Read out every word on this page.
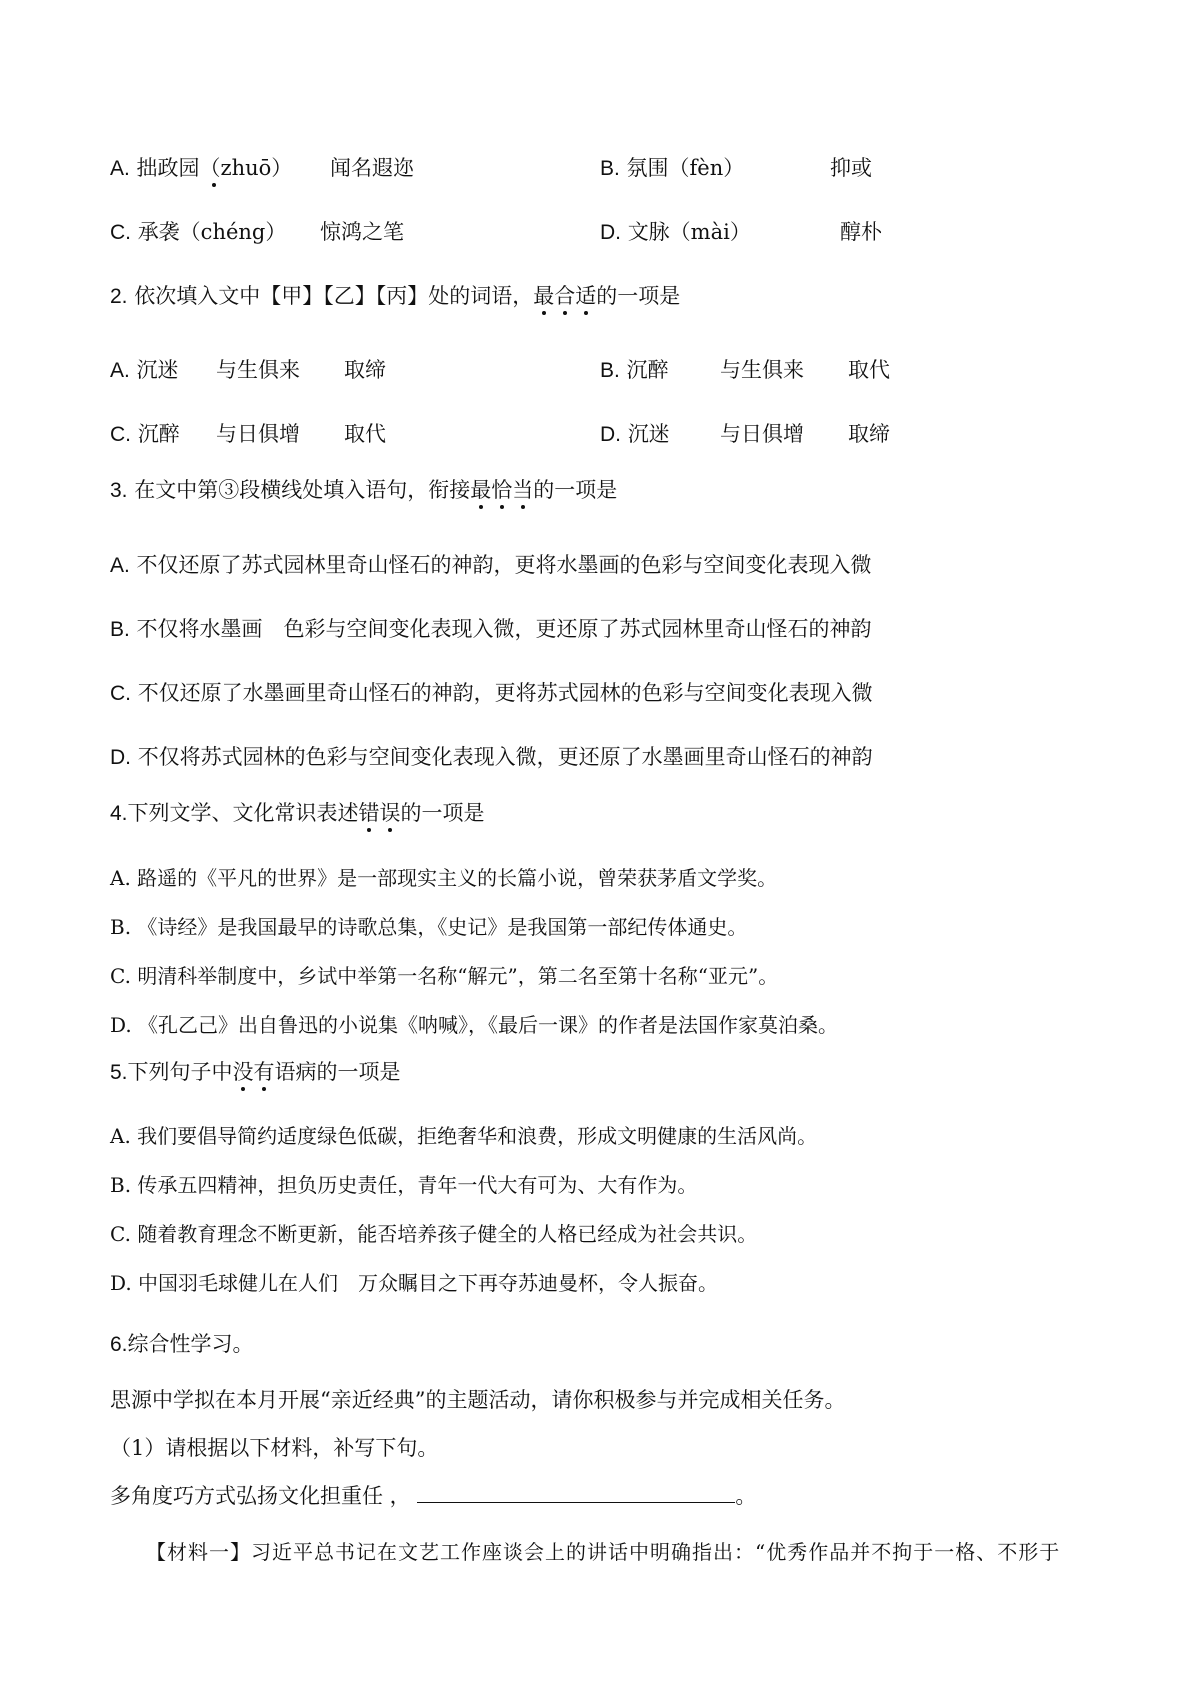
A. 拙政园（zhuō） 闻名遐迩	B. 氛围（fèn）	抑或
C. 承袭（chéng） 惊鸿之笔	D. 文脉（mài）	醇朴
2. 依次填入文中【甲】【乙】【丙】处的词语，最合适的一项是
A. 沉迷 与生俱来 取缔	B. 沉醉 与生俱来 取代
C. 沉醉 与日俱增 取代	D. 沉迷 与日俱增 取缔
3. 在文中第③段横线处填入语句，衔接最恰当的一项是
A. 不仅还原了苏式园林里奇山怪石的神韵，更将水墨画的色彩与空间变化表现入微
B. 不仅将水墨画　色彩与空间变化表现入微，更还原了苏式园林里奇山怪石的神韵
C. 不仅还原了水墨画里奇山怪石的神韵，更将苏式园林的色彩与空间变化表现入微
D. 不仅将苏式园林的色彩与空间变化表现入微，更还原了水墨画里奇山怪石的神韵
4.下列文学、文化常识表述错误的一项是
A. 路遥的《平凡的世界》是一部现实主义的长篇小说，曾荣获茅盾文学奖。
B. 《诗经》是我国最早的诗歌总集，《史记》是我国第一部纪传体通史。
C. 明清科举制度中，乡试中举第一名称“解元”，第二名至第十名称“亚元”。
D. 《孔乙己》出自鲁迅的小说集《呐喊》，《最后一课》的作者是法国作家莫泊桑。
5.下列句子中没有语病的一项是
A. 我们要倡导简约适度绿色低碳，拒绝奢华和浪费，形成文明健康的生活风尚。
B. 传承五四精神，担负历史责任，青年一代大有可为、大有作为。
C. 随着教育理念不断更新，能否培养孩子健全的人格已经成为社会共识。
D. 中国羽毛球健儿在人们　万众瞩目之下再夺苏迪曼杯，令人振奋。
6.综合性学习。
思源中学拟在本月开展“亲近经典”的主题活动，请你积极参与并完成相关任务。
（1）请根据以下材料，补写下句。
多角度巧方式弘扬文化担重任 ，	。
【材料一】习近平总书记在文艺工作座谈会上的讲话中明确指出：“优秀作品并不拘于一格、不形于
